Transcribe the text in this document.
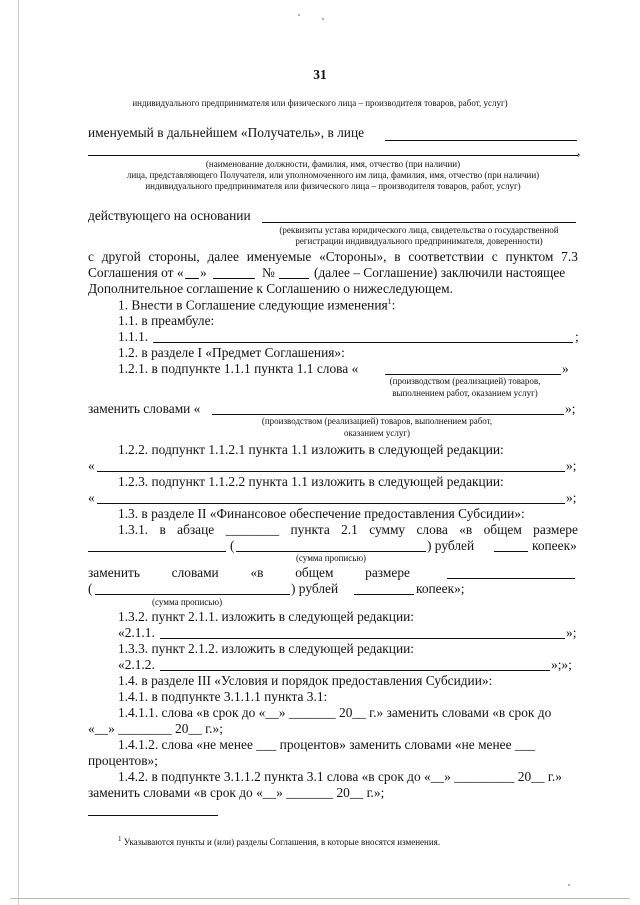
31
индивидуального предпринимателя или физического лица – производителя товаров, работ, услуг)
именуемый в дальнейшем «Получатель», в лице
,
(наименование должности, фамилия, имя, отчество (при наличии)
лица, представляющего Получателя, или уполномоченного им лица, фамилия, имя, отчество (при наличии)
индивидуального предпринимателя или физического лица – производителя товаров, работ, услуг)
действующего на основании
(реквизиты устава юридического лица, свидетельства о государственной
регистрации индивидуального предпринимателя, доверенности)
с другой стороны, далее именуемые «Стороны», в соответствии с пунктом 7.3
Соглашения от « »	№	(далее – Соглашение) заключили настоящее
Дополнительное соглашение к Соглашению о нижеследующем.
1. Внести в Соглашение следующие изменения$^1$:
1.1. в преамбуле:
1.1.1.	;
1.2. в разделе I «Предмет Соглашения»:
1.2.1. в подпункте 1.1.1 пункта 1.1 слова «	»
(производством (реализацией) товаров,
выполнением работ, оказанием услуг)
заменить словами «	»;
(производством (реализацией) товаров, выполнением работ,
оказанием услуг)
1.2.2. подпункт 1.1.2.1 пункта 1.1 изложить в следующей редакции:
«	»;
1.2.3. подпункт 1.1.2.2 пункта 1.1 изложить в следующей редакции:
«	»;
1.3. в разделе II «Финансовое обеспечение предоставления Субсидии»:
1.3.1. в абзаце ________ пункта 2.1 сумму слова «в общем размере
(	) рублей	копеек»
(сумма прописью)
заменить словами «в общем размере
(	) рублей	копеек»;
(сумма прописью)
1.3.2. пункт 2.1.1. изложить в следующей редакции:
«2.1.1.	»;
1.3.3. пункт 2.1.2. изложить в следующей редакции:
«2.1.2.	»;»;
1.4. в разделе III «Условия и порядок предоставления Субсидии»:
1.4.1. в подпункте 3.1.1.1 пункта 3.1:
1.4.1.1. слова «в срок до «__» _______ 20__ г.» заменить словами «в срок до
«__» ________ 20__ г.»;
1.4.1.2. слова «не менее ___ процентов» заменить словами «не менее ___
процентов»;
1.4.2. в подпункте 3.1.1.2 пункта 3.1 слова «в срок до «__» _________ 20__ г.»
заменить словами «в срок до «__» _______ 20__ г.»;
$^1$ Указываются пункты и (или) разделы Соглашения, в которые вносятся изменения.
